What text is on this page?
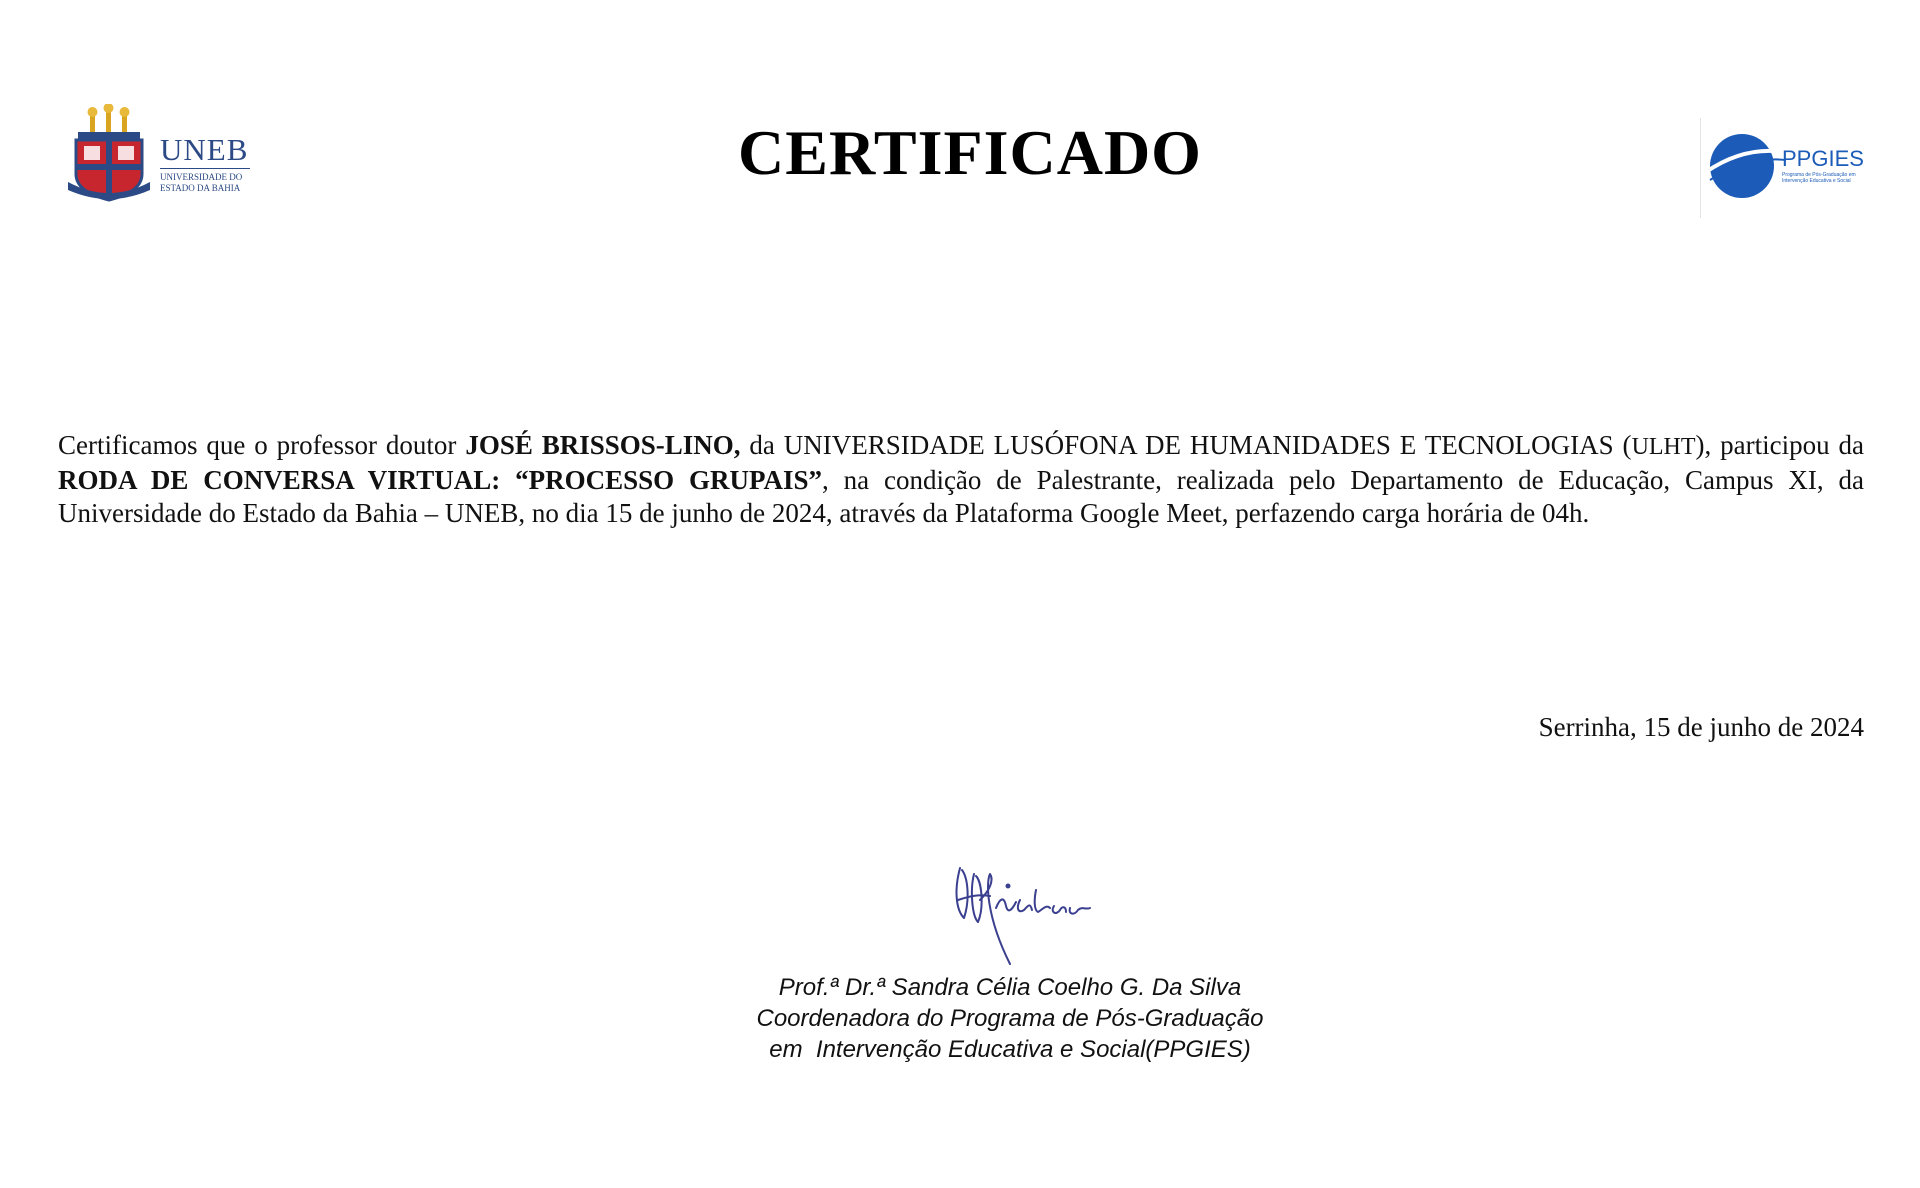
UNEB
UNIVERSIDADE DO
ESTADO DA BAHIA	CERTIFICADO	PPGIES
Programa de Pós-Graduação em Intervenção Educativa e Social

Certificamos que o professor doutor JOSÉ BRISSOS-LINO, da UNIVERSIDADE LUSÓFONA DE HUMANIDADES E TECNOLOGIAS (ULHT), participou da RODA DE CONVERSA VIRTUAL: “PROCESSO GRUPAIS”, na condição de Palestrante, realizada pelo Departamento de Educação, Campus XI, da Universidade do Estado da Bahia – UNEB, no dia 15 de junho de 2024, através da Plataforma Google Meet, perfazendo carga horária de 04h.

Serrinha, 15 de junho de 2024
Prof.ª Dr.ª Sandra Célia Coelho G. Da Silva
Coordenadora do Programa de Pós-Graduação
em  Intervenção Educativa e Social(PPGIES)
